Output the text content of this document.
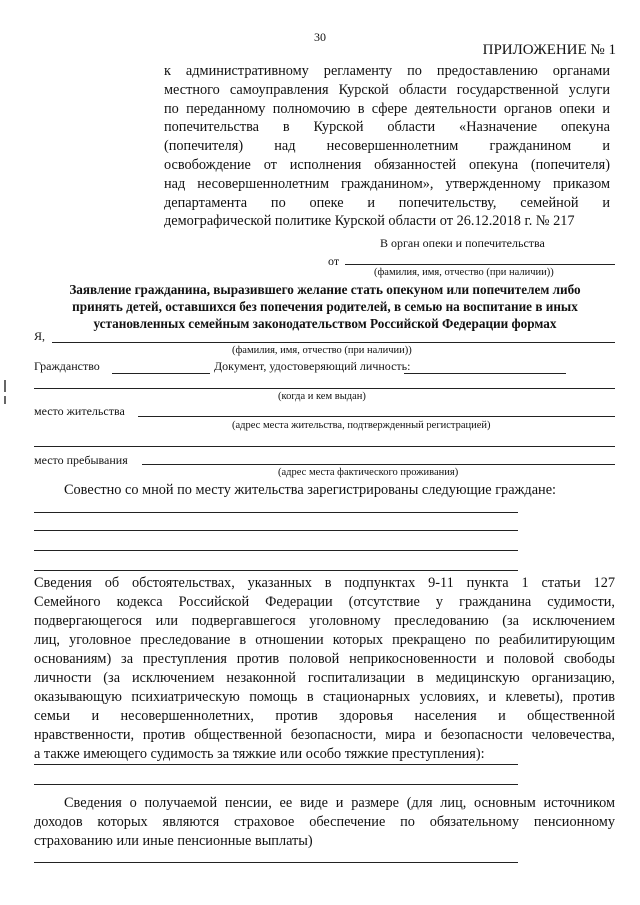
30
ПРИЛОЖЕНИЕ № 1
к административному регламенту по предоставлению органами
местного самоуправления Курской области государственной услуги
по переданному полномочию в сфере деятельности органов опеки и
попечительства в Курской области «Назначение опекуна
(попечителя) над несовершеннолетним гражданином и
освобождение от исполнения обязанностей опекуна (попечителя)
над несовершеннолетним гражданином», утвержденному приказом
департамента по опеке и попечительству, семейной и
демографической политике Курской области от 26.12.2018 г. № 217
В орган опеки и попечительства
от
(фамилия, имя, отчество (при наличии))
Заявление гражданина, выразившего желание стать опекуном или попечителем либо
принять детей, оставшихся без попечения родителей, в семью на воспитание в иных
установленных семейным законодательством Российской Федерации формах
Я,
(фамилия, имя, отчество (при наличии))
Гражданство	Документ, удостоверяющий личность:
(когда и кем выдан)
место жительства
(адрес места жительства, подтвержденный регистрацией)
место пребывания
(адрес места фактического проживания)
Совестно со мной по месту жительства зарегистрированы следующие граждане:
Сведения об обстоятельствах, указанных в подпунктах 9-11 пункта 1 статьи 127
Семейного кодекса Российской Федерации (отсутствие у гражданина судимости,
подвергающегося или подвергавшегося уголовному преследованию (за исключением
лиц, уголовное преследование в отношении которых прекращено по реабилитирующим
основаниям) за преступления против половой неприкосновенности и половой свободы
личности (за исключением незаконной госпитализации в медицинскую организацию,
оказывающую психиатрическую помощь в стационарных условиях, и клеветы), против
семьи и несовершеннолетних, против здоровья населения и общественной
нравственности, против общественной безопасности, мира и безопасности человечества,
а также имеющего судимость за тяжкие или особо тяжкие преступления):
Сведения о получаемой пенсии, ее виде и размере (для лиц, основным источником
доходов которых являются страховое обеспечение по обязательному пенсионному
страхованию или иные пенсионные выплаты)
